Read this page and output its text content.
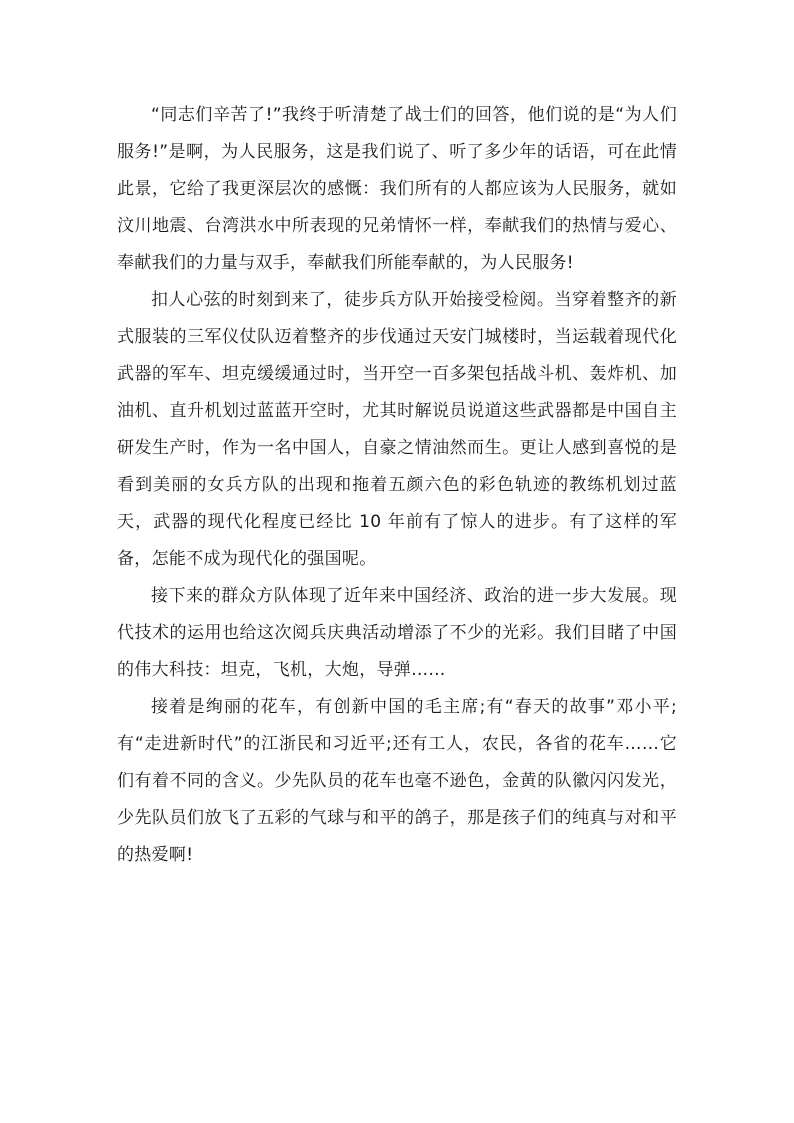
“同志们辛苦了!”我终于听清楚了战士们的回答，他们说的是“为人们服务!”是啊，为人民服务，这是我们说了、听了多少年的话语，可在此情此景，它给了我更深层次的感慨：我们所有的人都应该为人民服务，就如汶川地震、台湾洪水中所表现的兄弟情怀一样，奉献我们的热情与爱心、奉献我们的力量与双手，奉献我们所能奉献的，为人民服务!

扣人心弦的时刻到来了，徒步兵方队开始接受检阅。当穿着整齐的新式服装的三军仪仗队迈着整齐的步伐通过天安门城楼时，当运载着现代化武器的军车、坦克缓缓通过时，当开空一百多架包括战斗机、轰炸机、加油机、直升机划过蓝蓝开空时，尤其时解说员说道这些武器都是中国自主研发生产时，作为一名中国人，自豪之情油然而生。更让人感到喜悦的是看到美丽的女兵方队的出现和拖着五颜六色的彩色轨迹的教练机划过蓝天，武器的现代化程度已经比 10 年前有了惊人的进步。有了这样的军备，怎能不成为现代化的强国呢。

接下来的群众方队体现了近年来中国经济、政治的进一步大发展。现代技术的运用也给这次阅兵庆典活动增添了不少的光彩。我们目睹了中国的伟大科技：坦克，飞机，大炮，导弹……

接着是绚丽的花车，有创新中国的毛主席;有“春天的故事”邓小平;有“走进新时代”的江浙民和习近平;还有工人，农民，各省的花车……它们有着不同的含义。少先队员的花车也毫不逊色，金黄的队徽闪闪发光，少先队员们放飞了五彩的气球与和平的鸽子，那是孩子们的纯真与对和平的热爱啊!
